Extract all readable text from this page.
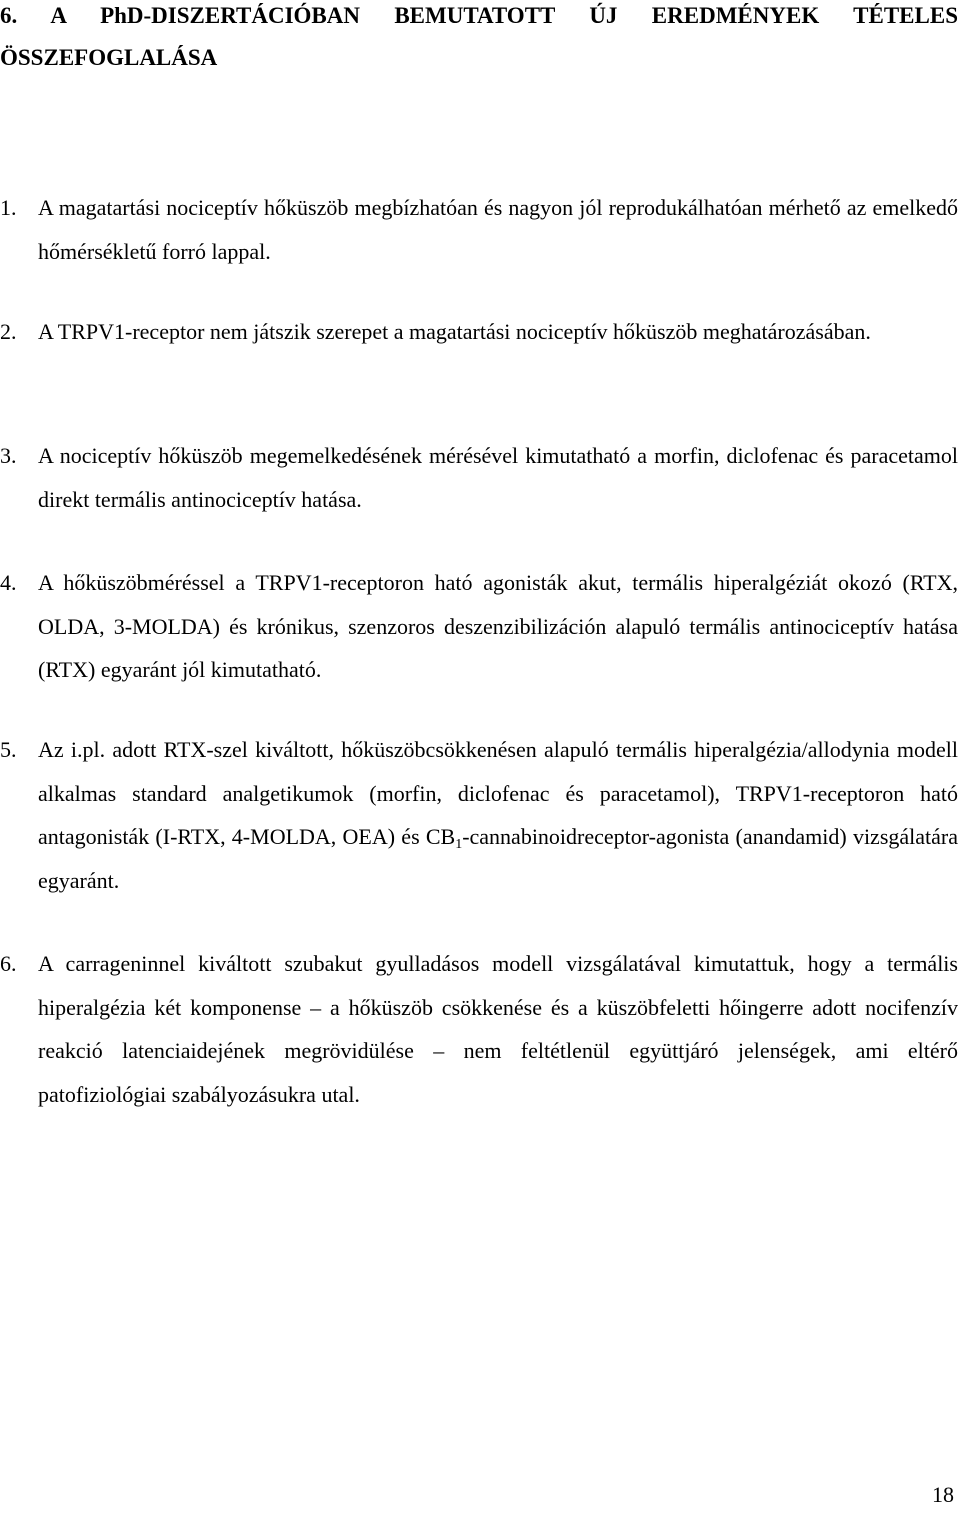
6. A PhD-DISZERTÁCIÓBAN BEMUTATOTT ÚJ EREDMÉNYEK TÉTELES
ÖSSZEFOGLALÁSA
1. A magatartási nociceptív hőküszöb megbízhatóan és nagyon jól reprodukálhatóan mérhető az emelkedő hőmérsékletű forró lappal.
2. A TRPV1-receptor nem játszik szerepet a magatartási nociceptív hőküszöb meghatározásában.
3. A nociceptív hőküszöb megemelkedésének mérésével kimutatható a morfin, diclofenac és paracetamol direkt termális antinociceptív hatása.
4. A hőküszöbméréssel a TRPV1-receptoron ható agonisták akut, termális hiperalgéziát okozó (RTX, OLDA, 3-MOLDA) és krónikus, szenzoros deszenzibilizáción alapuló termális antinociceptív hatása (RTX) egyaránt jól kimutatható.
5. Az i.pl. adott RTX-szel kiváltott, hőküszöbcsökkenésen alapuló termális hiperalgézia/allodynia modell alkalmas standard analgetikumok (morfin, diclofenac és paracetamol), TRPV1-receptoron ható antagonisták (I-RTX, 4-MOLDA, OEA) és $CB_1-cannabinoidreceptor$-agonista (anandamid) vizsgálatára egyaránt.
6. A carrageninnel kiváltott szubakut gyulladásos modell vizsgálatával kimutattuk, hogy a termális hiperalgézia két komponense – a hőküszöb csökkenése és a küszöbfeletti hőingerre adott nocifenzív reakció latenciaidejének megrövidülése – nem feltétlenül együttjáró jelenségek, ami eltérő patofiziológiai szabályozásukra utal.
18
